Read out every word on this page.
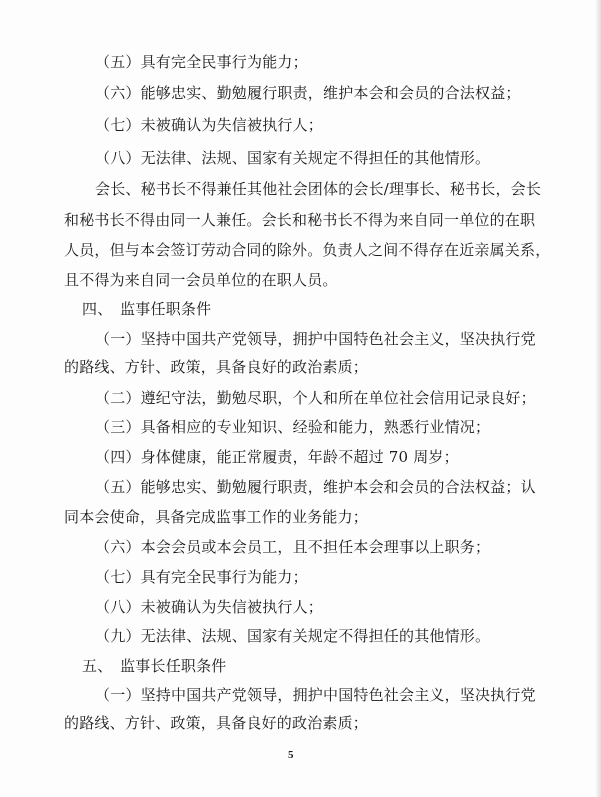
（五）具有完全民事行为能力；
（六）能够忠实、勤勉履行职责，维护本会和会员的合法权益；
（七）未被确认为失信被执行人；
（八）无法律、法规、国家有关规定不得担任的其他情形。
会长、秘书长不得兼任其他社会团体的会长/理事长、秘书长，会长
和秘书长不得由同一人兼任。会长和秘书长不得为来自同一单位的在职
人员，但与本会签订劳动合同的除外。负责人之间不得存在近亲属关系，
且不得为来自同一会员单位的在职人员。
四、　监事任职条件
（一）坚持中国共产党领导，拥护中国特色社会主义，坚决执行党
的路线、方针、政策，具备良好的政治素质；
（二）遵纪守法，勤勉尽职，个人和所在单位社会信用记录良好；
（三）具备相应的专业知识、经验和能力，熟悉行业情况；
（四）身体健康，能正常履责，年龄不超过 70 周岁；
（五）能够忠实、勤勉履行职责，维护本会和会员的合法权益；认
同本会使命，具备完成监事工作的业务能力；
（六）本会会员或本会员工，且不担任本会理事以上职务；
（七）具有完全民事行为能力；
（八）未被确认为失信被执行人；
（九）无法律、法规、国家有关规定不得担任的其他情形。
五、　监事长任职条件
（一）坚持中国共产党领导，拥护中国特色社会主义，坚决执行党
的路线、方针、政策，具备良好的政治素质；
5
